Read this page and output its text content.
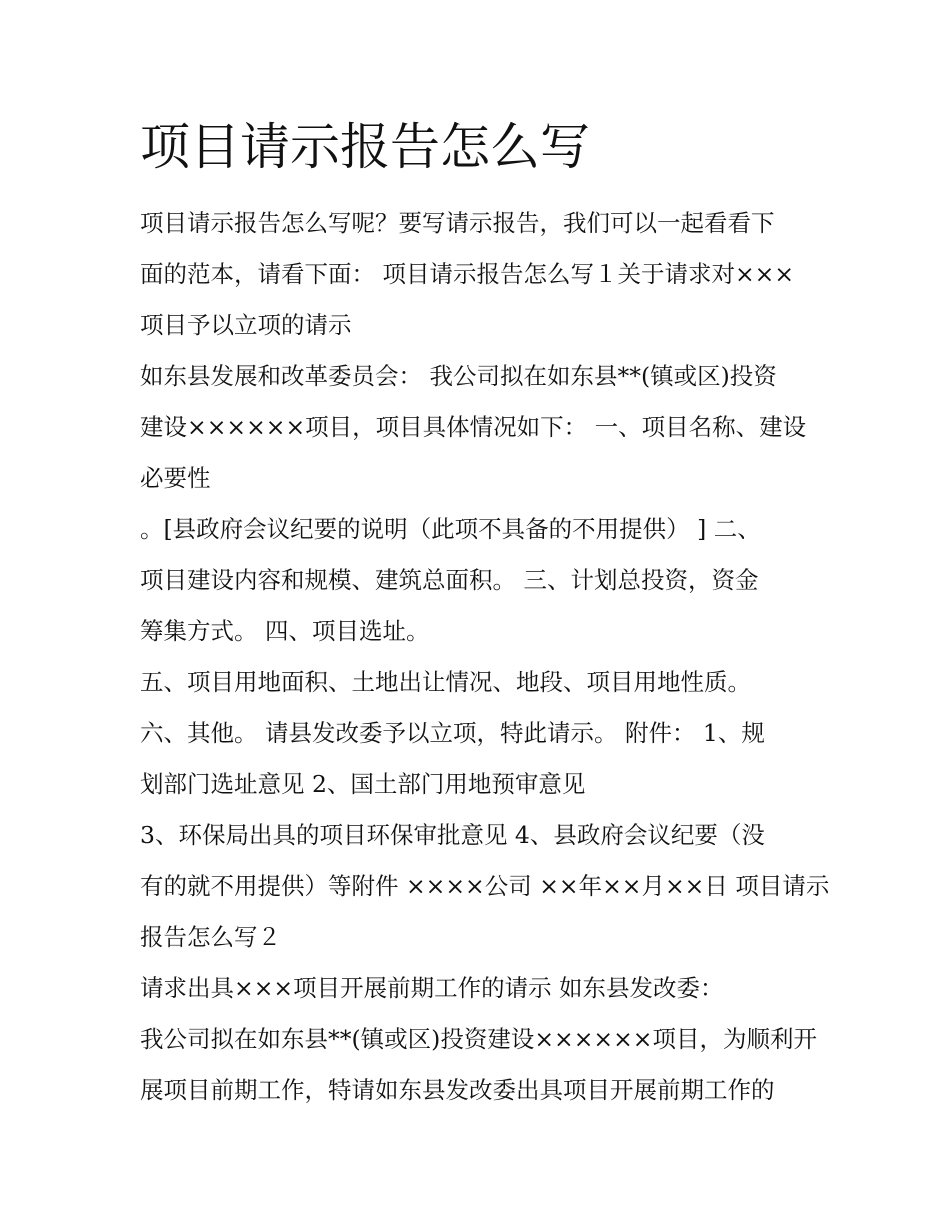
项目请示报告怎么写
项目请示报告怎么写呢？要写请示报告，我们可以一起看看下
面的范本，请看下面： 项目请示报告怎么写１关于请求对×××
项目予以立项的请示
如东县发展和改革委员会： 我公司拟在如东县**(镇或区)投资
建设××××××项目，项目具体情况如下： 一、项目名称、建设
必要性
。[县政府会议纪要的说明（此项不具备的不用提供） ] 二、
项目建设内容和规模、建筑总面积。 三、计划总投资，资金
筹集方式。 四、项目选址。
五、项目用地面积、土地出让情况、地段、项目用地性质。
六、其他。 请县发改委予以立项，特此请示。 附件： 1、规
划部门选址意见 2、国土部门用地预审意见
3、环保局出具的项目环保审批意见 4、县政府会议纪要（没
有的就不用提供）等附件 ××××公司 ××年××月××日 项目请示
报告怎么写２
请求出具×××项目开展前期工作的请示 如东县发改委：
我公司拟在如东县**(镇或区)投资建设××××××项目，为顺利开
展项目前期工作，特请如东县发改委出具项目开展前期工作的
